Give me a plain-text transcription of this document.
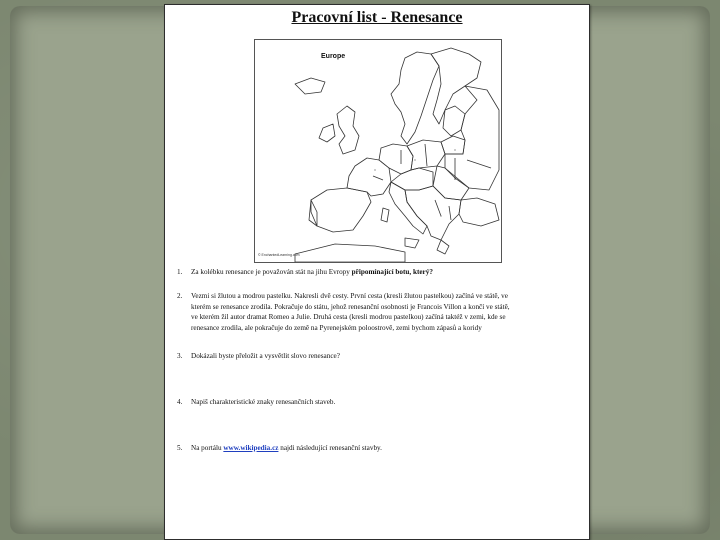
Pracovní list - Renesance
Europe
© EnchantedLearning.com
1.	Za kolébku renesance je považován stát na jihu Evropy připomínající botu, který?
2.	Vezmi si žlutou a modrou pastelku. Nakresli dvě cesty. První cesta (kresli žlutou pastelkou) začíná ve státě, ve
kterém se renesance zrodila. Pokračuje do státu, jehož renesanční osobnosti je Francois Villon a končí ve státě,
ve kterém žil autor dramat Romeo a Julie. Druhá cesta (kresli modrou pastelkou) začíná taktéž v zemi, kde se
renesance zrodila, ale pokračuje do země na Pyrenejském poloostrově, zemi bychom zápasů a koridy
3.	Dokázali byste přeložit a vysvětlit slovo renesance?
4.	Napiš charakteristické znaky renesančních staveb.
5.	Na portálu www.wikipedia.cz najdi následující renesanční stavby.
